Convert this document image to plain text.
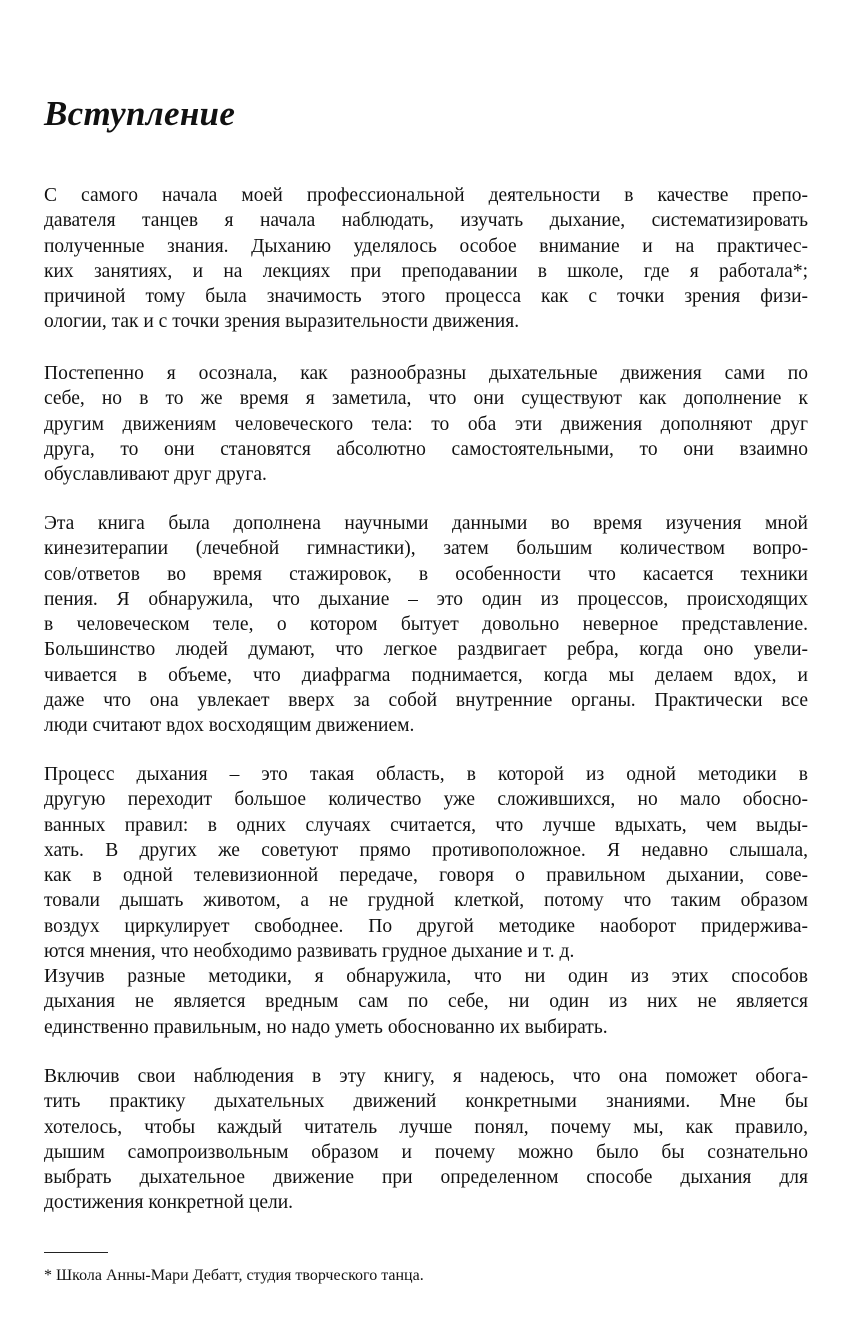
Вступление
С самого начала моей профессиональной деятельности в качестве препо-
давателя танцев я начала наблюдать, изучать дыхание, систематизировать
полученные знания. Дыханию уделялось особое внимание и на практичес-
ких занятиях, и на лекциях при преподавании в школе, где я работала*;
причиной тому была значимость этого процесса как с точки зрения физи-
ологии, так и с точки зрения выразительности движения.
Постепенно я осознала, как разнообразны дыхательные движения сами по
себе, но в то же время я заметила, что они существуют как дополнение к
другим движениям человеческого тела: то оба эти движения дополняют друг
друга, то они становятся абсолютно самостоятельными, то они взаимно
обуславливают друг друга.
Эта книга была дополнена научными данными во время изучения мной
кинезитерапии (лечебной гимнастики), затем большим количеством вопро-
сов/ответов во время стажировок, в особенности что касается техники
пения. Я обнаружила, что дыхание – это один из процессов, происходящих
в человеческом теле, о котором бытует довольно неверное представление.
Большинство людей думают, что легкое раздвигает ребра, когда оно увели-
чивается в объеме, что диафрагма поднимается, когда мы делаем вдох, и
даже что она увлекает вверх за собой внутренние органы. Практически все
люди считают вдох восходящим движением.
Процесс дыхания – это такая область, в которой из одной методики в
другую переходит большое количество уже сложившихся, но мало обосно-
ванных правил: в одних случаях считается, что лучше вдыхать, чем выды-
хать. В других же советуют прямо противоположное. Я недавно слышала,
как в одной телевизионной передаче, говоря о правильном дыхании, сове-
товали дышать животом, а не грудной клеткой, потому что таким образом
воздух циркулирует свободнее. По другой методике наоборот придержива-
ются мнения, что необходимо развивать грудное дыхание и т. д.
Изучив разные методики, я обнаружила, что ни один из этих способов
дыхания не является вредным сам по себе, ни один из них не является
единственно правильным, но надо уметь обоснованно их выбирать.
Включив свои наблюдения в эту книгу, я надеюсь, что она поможет обога-
тить практику дыхательных движений конкретными знаниями. Мне бы
хотелось, чтобы каждый читатель лучше понял, почему мы, как правило,
дышим самопроизвольным образом и почему можно было бы сознательно
выбрать дыхательное движение при определенном способе дыхания для
достижения конкретной цели.
* Школа Анны-Мари Дебатт, студия творческого танца.
